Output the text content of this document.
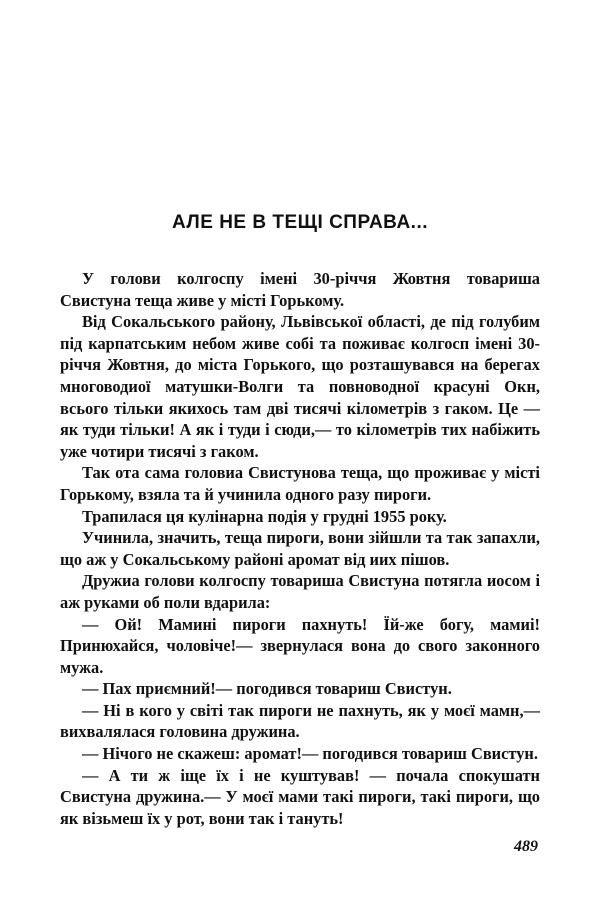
АЛЕ НЕ В ТЕЩІ СПРАВА...

У голови колгоспу імені 30-річчя Жовтня товариша Свистуна теща живе у місті Горькому.

Від Сокальського району, Львівської області, де під голубим під карпатським небом живе собі та поживає колгосп імені 30-річчя Жовтня, до міста Горького, що розташувався на берегах многоводиої матушки-Волги та повноводної красуні Окн, всього тільки якихось там дві тисячі кілометрів з гаком. Це — як туди тільки! А як і туди і сюди,— то кілометрів тих набіжить уже чотири тисячі з гаком.

Так ота сама головиа Свистунова теща, що проживає у місті Горькому, взяла та й учинила одного разу пироги.

Трапилася ця кулінарна подія у грудні 1955 року.

Учинила, значить, теща пироги, вони зійшли та так запахли, що аж у Сокальському районі аромат від иих пішов.

Дружиа голови колгоспу товариша Свистуна потягла иосом і аж руками об поли вдарила:

— Ой! Мамині пироги пахнуть! Їй-же богу, мамиі! Принюхайся, чоловіче!— звернулася вона до свого законного мужа.

— Пах приємний!— погодився товариш Свистун.

— Ні в кого у світі так пироги не пахнуть, як у моєї мамн,— вихвалялася головина дружина.

— Нічого не скажеш: аромат!— погодився товариш Свистун.

— А ти ж іще їх і не куштував! — почала спокушатн Свистуна дружина.— У моєї мами такі пироги, такі пироги, що як візьмеш їх у рот, вони так і тануть!

489
